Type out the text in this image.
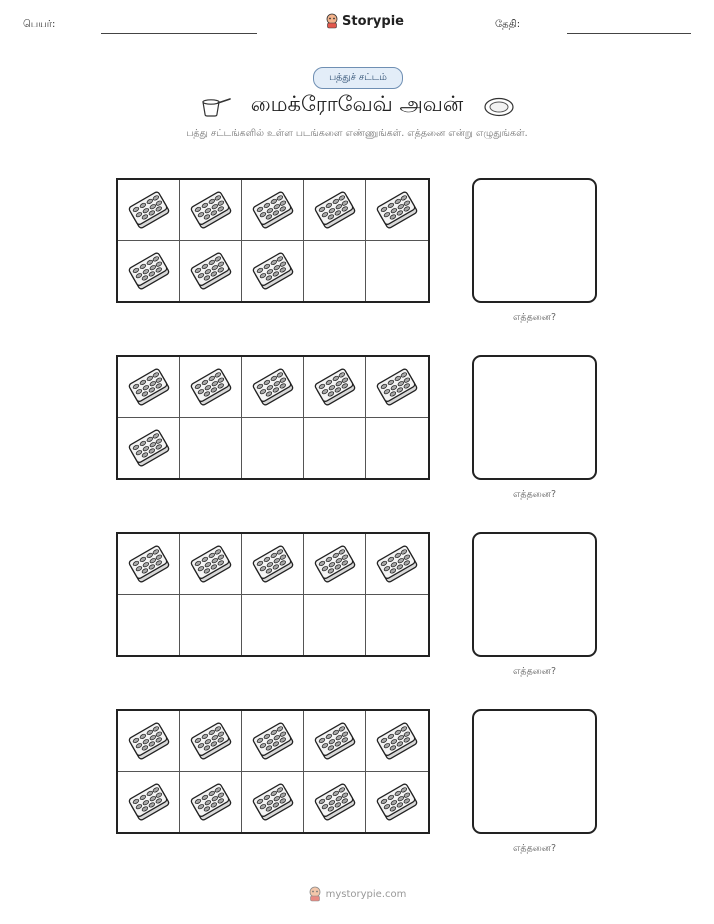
பெயர்:	Storypie	தேதி:
பத்துச் சட்டம்
மைக்ரோவேவ் அவன்
பத்து சட்டங்களில் உள்ள படங்களை எண்ணுங்கள். எத்தனை என்று எழுதுங்கள்.
எத்தனை?
எத்தனை?
எத்தனை?
எத்தனை?
mystorypie.com
